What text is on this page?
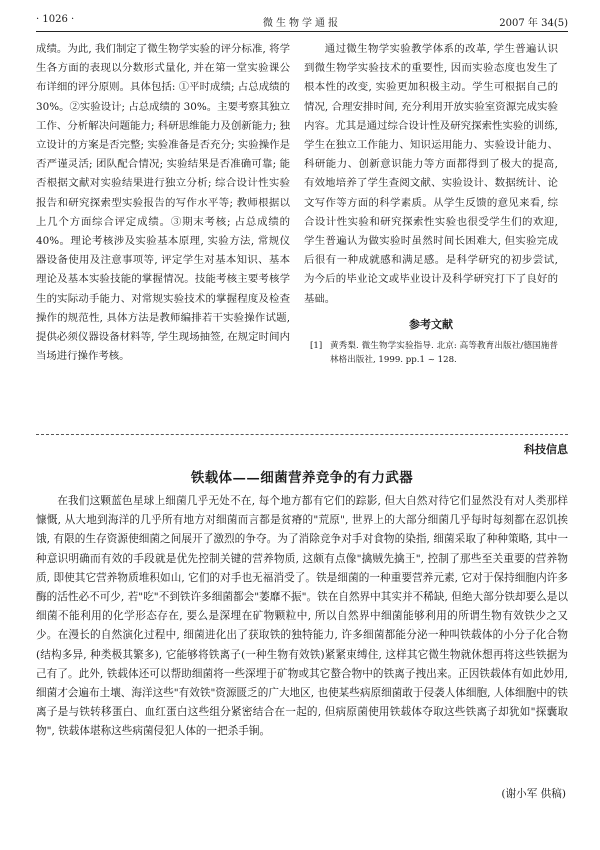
· 1026 ·	微生物学通报	2007 年 34(5)

成绩。为此, 我们制定了微生物学实验的评分标准, 将学生各方面的表现以分数形式量化, 并在第一堂实验课公布详细的评分原则。具体包括: ①平时成绩; 占总成绩的 30%。②实验设计; 占总成绩的 30%。主要考察其独立工作、分析解决问题能力; 科研思维能力及创新能力; 独立设计的方案是否完整; 实验准备是否充分; 实验操作是否严谨灵活; 团队配合情况; 实验结果是否准确可靠; 能否根据文献对实验结果进行独立分析; 综合设计性实验报告和研究探索型实验报告的写作水平等; 教师根据以上几个方面综合评定成绩。③期末考核; 占总成绩的 40%。理论考核涉及实验基本原理, 实验方法, 常规仪器设备使用及注意事项等, 评定学生对基本知识、基本理论及基本实验技能的掌握情况。技能考核主要考核学生的实际动手能力、对常规实验技术的掌握程度及检查操作的规范性, 具体方法是教师编排若干实验操作试题, 提供必须仪器设备材料等, 学生现场抽签, 在规定时间内当场进行操作考核。

通过微生物学实验教学体系的改革, 学生普遍认识到微生物学实验技术的重要性, 因而实验态度也发生了根本性的改变, 实验更加积极主动。学生可根据自己的情况, 合理安排时间, 充分利用开放实验室资源完成实验内容。尤其是通过综合设计性及研究探索性实验的训练, 学生在独立工作能力、知识运用能力、实验设计能力、科研能力、创新意识能力等方面都得到了极大的提高, 有效地培养了学生查阅文献、实验设计、数据统计、论文写作等方面的科学素质。从学生反馈的意见来看, 综合设计性实验和研究探索性实验也很受学生们的欢迎, 学生普遍认为做实验时虽然时间长困难大, 但实验完成后很有一种成就感和满足感。是科学研究的初步尝试, 为今后的毕业论文或毕业设计及科学研究打下了良好的基础。

参考文献
[1] 黄秀梨. 微生物学实验指导. 北京: 高等教育出版社/德国施普林格出版社, 1999. pp.1 ~ 128.
科技信息
铁载体——细菌营养竞争的有力武器

在我们这颗蓝色星球上细菌几乎无处不在, 每个地方都有它们的踪影, 但大自然对待它们显然没有对人类那样慷慨, 从大地到海洋的几乎所有地方对细菌而言都是贫瘠的"荒原", 世界上的大部分细菌几乎每时每刻都在忍饥挨饿, 有限的生存资源使细菌之间展开了激烈的争夺。为了消除竞争对手对食物的染指, 细菌采取了种种策略, 其中一种意识明确而有效的手段就是优先控制关键的营养物质, 这颇有点像"擒贼先擒王", 控制了那些至关重要的营养物质, 即使其它营养物质堆积如山, 它们的对手也无福消受了。铁是细菌的一种重要营养元素, 它对于保持细胞内许多酶的活性必不可少, 若"吃"不到铁许多细菌都会"萎靡不振"。铁在自然界中其实并不稀缺, 但绝大部分铁却要么是以细菌不能利用的化学形态存在, 要么是深埋在矿物颗粒中, 所以自然界中细菌能够利用的所谓生物有效铁少之又少。在漫长的自然演化过程中, 细菌进化出了获取铁的独特能力, 许多细菌都能分泌一种叫铁载体的小分子化合物(结构多异, 种类极其繁多), 它能够将铁离子(一种生物有效铁)紧紧束缚住, 这样其它微生物就休想再将这些铁据为己有了。此外, 铁载体还可以帮助细菌将一些深埋于矿物或其它螯合物中的铁离子拽出来。正因铁载体有如此妙用, 细菌才会遍布土壤、海洋这些"有效铁"资源匮乏的广大地区, 也使某些病原细菌敢于侵袭人体细胞, 人体细胞中的铁离子是与铁转移蛋白、血红蛋白这些组分紧密结合在一起的, 但病原菌使用铁载体夺取这些铁离子却犹如"探囊取物", 铁载体堪称这些病菌侵犯人体的一把杀手锏。

(谢小军 供稿)
